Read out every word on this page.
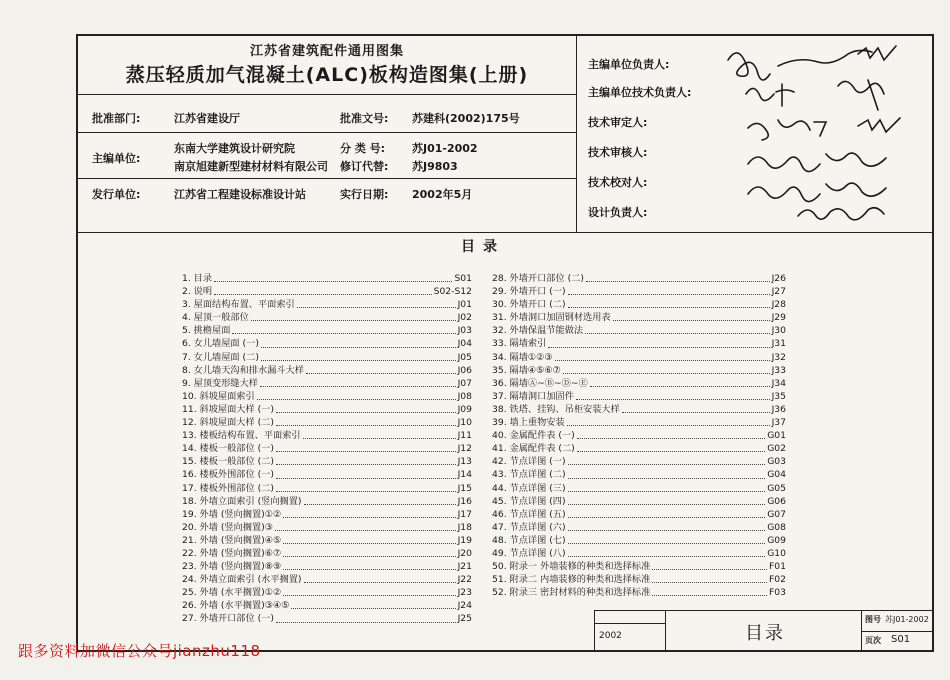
江苏省建筑配件通用图集
蒸压轻质加气混凝土(ALC)板构造图集(上册)
批准部门:	江苏省建设厅	批准文号: 苏建科(2002)175号
主编单位:
东南大学建筑设计研究院	分 类 号: 苏J01-2002
南京旭建新型建材材料有限公司 修订代替: 苏J9803
发行单位:	江苏省工程建设标准设计站	实行日期: 2002年5月
主编单位负责人:
主编单位技术负责人:
技术审定人:
技术审核人:
技术校对人:
设计负责人:
目录
1. 目录	S01
2. 说明	S02-S12
3. 屋面结构布置、平面索引	J01
4. 屋顶一般部位	J02
5. 挑檐屋面	J03
6. 女儿墙屋面 (一)	J04
7. 女儿墙屋面 (二)	J05
8. 女儿墙天沟和排水漏斗大样	J06
9. 屋顶变形缝大样	J07
10. 斜坡屋面索引	J08
11. 斜坡屋面大样 (一)	J09
12. 斜坡屋面大样 (二)	J10
13. 楼板结构布置、平面索引	J11
14. 楼板一般部位 (一)	J12
15. 楼板一般部位 (二)	J13
16. 楼板外围部位 (一)	J14
17. 楼板外围部位 (二)	J15
18. 外墙立面索引 (竖向搁置)	J16
19. 外墙 (竖向搁置)①②	J17
20. 外墙 (竖向搁置)③	J18
21. 外墙 (竖向搁置)④⑤	J19
22. 外墙 (竖向搁置)⑥⑦	J20
23. 外墙 (竖向搁置)⑧⑨	J21
24. 外墙立面索引 (水平搁置)	J22
25. 外墙 (水平搁置)①②	J23
26. 外墙 (水平搁置)③④⑤	J24
27. 外墙开口部位 (一)	J25
28. 外墙开口部位 (二)	J26
29. 外墙开口 (一)	J27
30. 外墙开口 (二)	J28
31. 外墙洞口加固钢材选用表	J29
32. 外墙保温节能做法	J30
33. 隔墙索引	J31
34. 隔墙①②③	J32
35. 隔墙④⑤⑥⑦	J33
36. 隔墙Ⓐ~Ⓑ~Ⓓ~Ⓔ	J34
37. 隔墙洞口加固件	J35
38. 铁塔、挂钩、吊柜安装大样	J36
39. 墙上重物安装	J37
40. 金属配件表 (一)	G01
41. 金属配件表 (二)	G02
42. 节点详图 (一)	G03
43. 节点详图 (二)	G04
44. 节点详图 (三)	G05
45. 节点详图 (四)	G06
46. 节点详图 (五)	G07
47. 节点详图 (六)	G08
48. 节点详图 (七)	G09
49. 节点详图 (八)	G10
50. 附录一 外墙装修的种类和选择标准	F01
51. 附录二 内墙装修的种类和选择标准	F02
52. 附录三 密封材料的种类和选择标准	F03
2002	目录
图号 苏J01-2002
页次 S01
跟多资料加微信公众号jianzhu118
